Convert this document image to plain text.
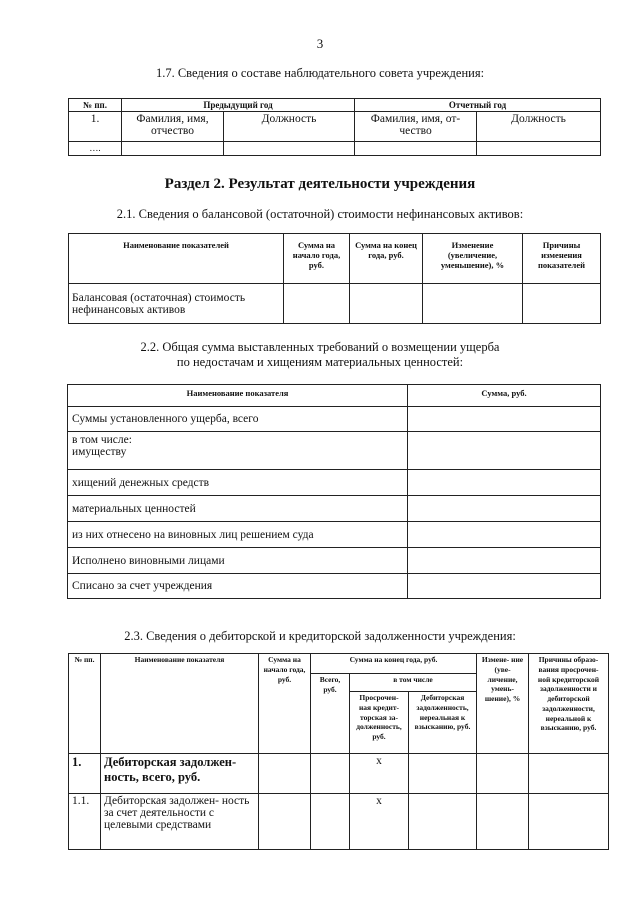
3
1.7. Сведения о составе наблюдательного совета учреждения:
№ пп.	Предыдущий год		Отчетный год	
1.	Фамилия, имя, отчество	Должность	Фамилия, имя, от- чество	Должность
….				
Раздел 2. Результат деятельности учреждения
2.1. Сведения о балансовой (остаточной) стоимости нефинансовых активов:
Наименование показателей	Сумма на начало года, руб.	Сумма на конец года, руб.	Изменение (увеличение, уменьшение), %	Причины изменения показателей
Балансовая (остаточная) стоимость нефинансовых активов				
2.2. Общая сумма выставленных требований о возмещении ущерба
по недостачам и хищениям материальных ценностей:
Наименование показателя	Сумма, руб.
Суммы установленного ущерба, всего	

в том числе:
имуществу	

хищений денежных средств	
материальных ценностей	
из них отнесено на виновных лиц решением суда	
Исполнено виновными лицами	
Списано за счет учреждения	
2.3. Сведения о дебиторской и кредиторской задолженности учреждения:
№ пп.	Наименование показателя	Сумма на начало года, руб.	Сумма на конец года, руб.			Измене- ние (уве- личение, умень- шение), %	Причины образо- вания просрочен- ной кредиторской задолженности и дебиторской задолженности, нереальной к взысканию, руб.
			Всего, руб.	в том числе			
				Просрочен- ная кредит- торская за- долженность, руб.	Дебиторская задолженность, нереальная к взысканию, руб.		
1.	Дебиторская задолжен- ность, всего, руб.			x			
1.1.	Дебиторская задолжен- ность за счет деятельности с целевыми средствами			x			
